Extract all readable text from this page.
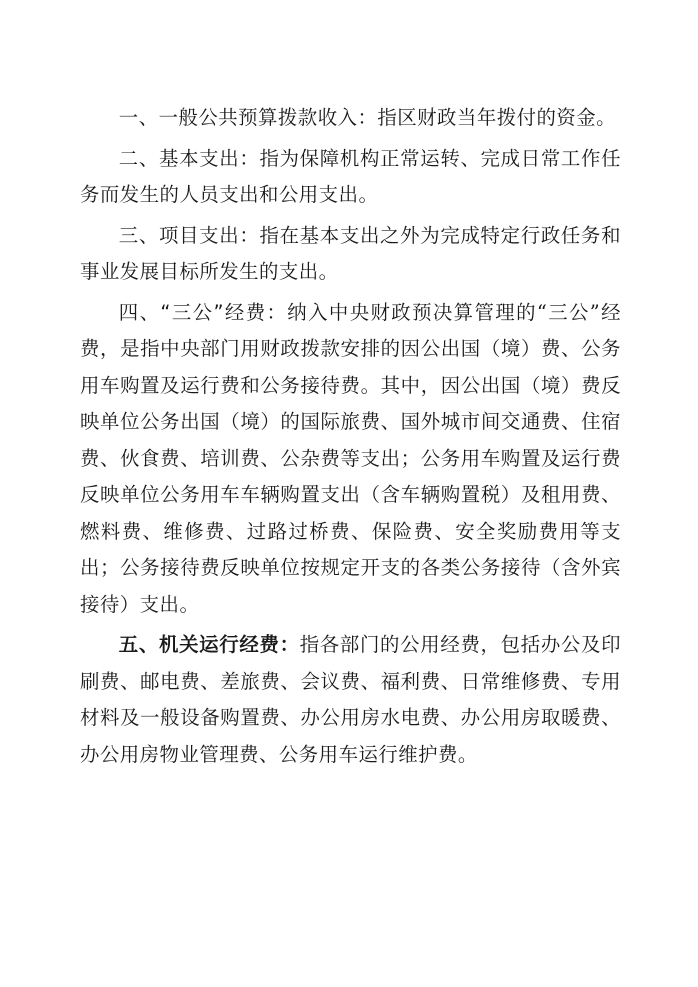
一、一般公共预算拨款收入：指区财政当年拨付的资金。

二、基本支出：指为保障机构正常运转、完成日常工作任务而发生的人员支出和公用支出。

三、项目支出：指在基本支出之外为完成特定行政任务和事业发展目标所发生的支出。

四、“三公”经费：纳入中央财政预决算管理的“三公”经费，是指中央部门用财政拨款安排的因公出国（境）费、公务用车购置及运行费和公务接待费。其中，因公出国（境）费反映单位公务出国（境）的国际旅费、国外城市间交通费、住宿费、伙食费、培训费、公杂费等支出；公务用车购置及运行费反映单位公务用车车辆购置支出（含车辆购置税）及租用费、燃料费、维修费、过路过桥费、保险费、安全奖励费用等支出；公务接待费反映单位按规定开支的各类公务接待（含外宾接待）支出。

五、机关运行经费：指各部门的公用经费，包括办公及印刷费、邮电费、差旅费、会议费、福利费、日常维修费、专用材料及一般设备购置费、办公用房水电费、办公用房取暖费、办公用房物业管理费、公务用车运行维护费。
